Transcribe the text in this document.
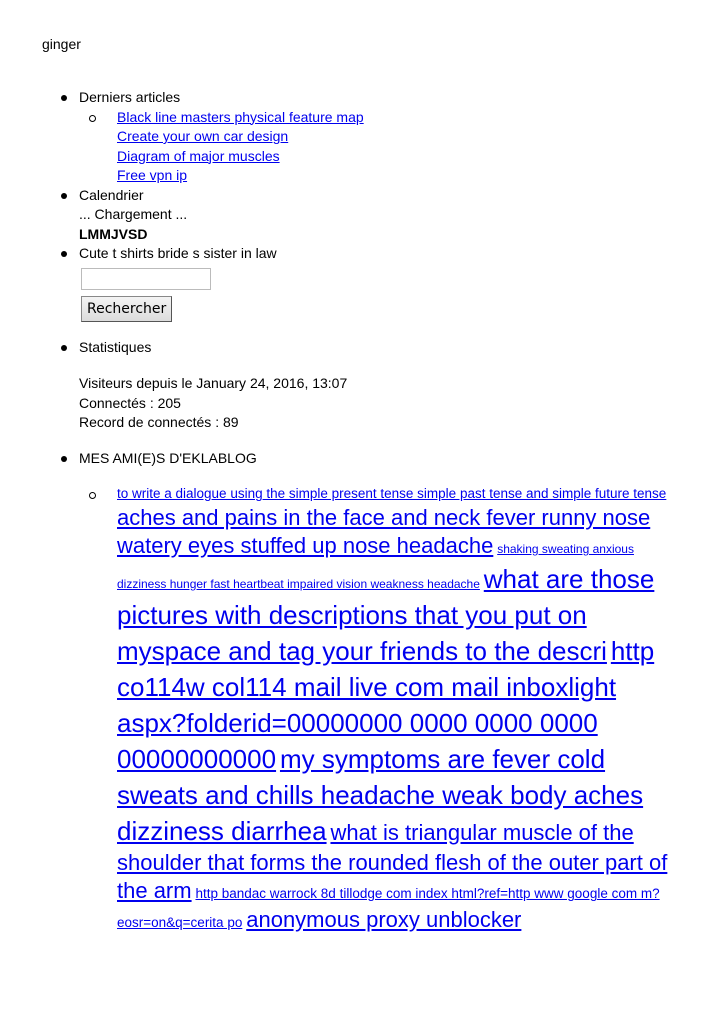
ginger
Derniers articles
Black line masters physical feature map
Create your own car design
Diagram of major muscles
Free vpn ip
Calendrier
... Chargement ...
LMMJVSD
Cute t shirts bride s sister in law
Rechercher
Statistiques
Visiteurs depuis le January 24, 2016, 13:07
Connectés : 205
Record de connectés : 89
MES AMI(E)S D'EKLABLOG
to write a dialogue using the simple present tense simple past tense and simple future tense aches and pains in the face and neck fever runny nose watery eyes stuffed up nose headache shaking sweating anxious dizziness hunger fast heartbeat impaired vision weakness headache what are those pictures with descriptions that you put on myspace and tag your friends to the descri http co114w col114 mail live com mail inboxlight aspx?folderid=00000000 0000 0000 0000 00000000000 my symptoms are fever cold sweats and chills headache weak body aches dizziness diarrhea what is triangular muscle of the shoulder that forms the rounded flesh of the outer part of the arm http bandac warrock 8d tillodge com index html?ref=http www google com m?eosr=on&q=cerita po anonymous proxy unblocker
